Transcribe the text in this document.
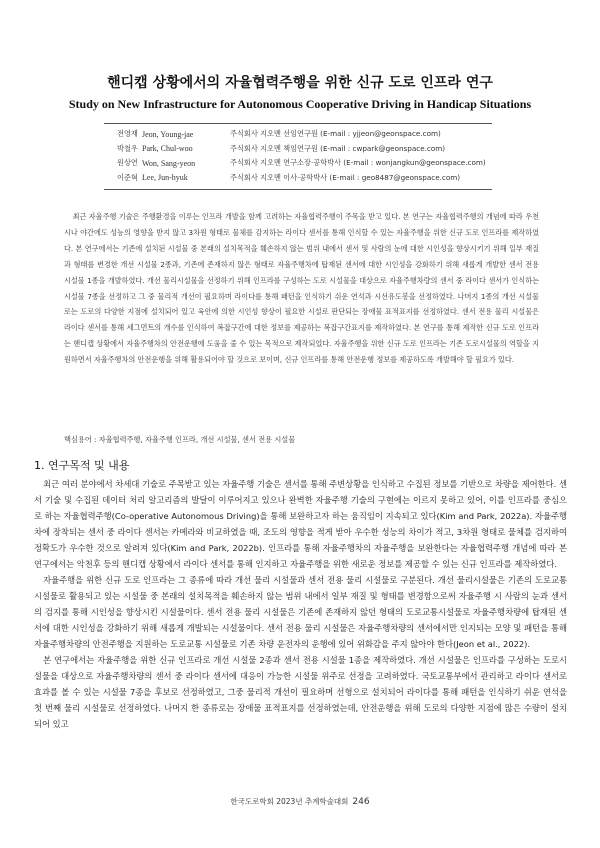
핸디캡 상황에서의 자율협력주행을 위한 신규 도로 인프라 연구
Study on New Infrastructure for Autonomous Cooperative Driving in Handicap Situations
전영재 Jeon, Young-jae	주식회사 지오멘 선임연구원 (E-mail : yjjeon@geonspace.com)
박철우 Park, Chul-woo	주식회사 지오멘 책임연구원 (E-mail : cwpark@geonspace.com)
원상연 Won, Sang-yeon	주식회사 지오멘 연구소장·공학박사 (E-mail : wonjangkun@geonspace.com)
이준혁 Lee, Jun-hyuk	주식회사 지오멘 이사·공학박사 (E-mail : geo8487@geonspace.com)

최근 자율주행 기술은 주행환경을 이루는 인프라 개발을 함께 고려하는 자율협력주행이 주목을 받고 있다. 본 연구는 자율협력주행의 개념에 따라 우천 시나 야간에도 성능의 영향을 받지 않고 3차원 형태로 물체를 감지하는 라이다 센서를 통해 인식할 수 있는 자율주행을 위한 신규 도로 인프라를 제작하였다. 본 연구에서는 기존에 설치된 시설물 중 본래의 설치목적을 훼손하지 않는 범위 내에서 센서 및 사람의 눈에 대한 시인성을 향상시키기 위해 일부 재질과 형태를 변경한 개선 시설물 2종과, 기존에 존재하지 않은 형태로 자율주행차에 탑재된 센서에 대한 시인성을 강화하기 위해 새롭게 개발한 센서 전용 시설물 1종을 개발하였다. 개선 물리시설물을 선정하기 위해 인프라를 구성하는 도로 시설물을 대상으로 자율주행차량의 센서 중 라이다 센서가 인식하는 시설물 7종을 선정하고 그 중 물리적 개선이 필요하며 라이다를 통해 패턴을 인식하기 쉬운 연석과 시선유도봉을 선정하였다. 나머지 1종의 개선 시설물로는 도로의 다양한 지점에 설치되어 있고 육안에 의한 시인성 향상이 필요한 시설로 판단되는 장애물 표적표지를 선정하였다. 센서 전용 물리 시설물은 라이다 센서를 통해 세그먼트의 개수를 인식하여 복잡구간에 대한 정보를 제공하는 복잡구간표지를 제작하였다. 본 연구를 통해 제작한 신규 도로 인프라는 핸디캡 상황에서 자율주행차의 안전운행에 도움을 줄 수 있는 목적으로 제작되었다. 자율주행을 위한 신규 도로 인프라는 기존 도로시설물의 역할을 지원하면서 자율주행차의 안전운행을 위해 활용되어야 할 것으로 보이며, 신규 인프라를 통해 안전운행 정보를 제공하도록 개발해야 할 필요가 있다.

핵심용어 : 자율협력주행, 자율주행 인프라, 개선 시설물, 센서 전용 시설물
1. 연구목적 및 내용

최근 여러 분야에서 차세대 기술로 주목받고 있는 자율주행 기술은 센서를 통해 주변상황을 인식하고 수집된 정보를 기반으로 차량을 제어한다. 센서 기술 및 수집된 데이터 처리 알고리즘의 발달이 이루어지고 있으나 완벽한 자율주행 기술의 구현에는 이르지 못하고 있어, 이를 인프라를 중심으로 하는 자율협력주행(Co-operative Autonomous Driving)을 통해 보완하고자 하는 움직임이 지속되고 있다(Kim and Park, 2022a). 자율주행차에 장착되는 센서 중 라이다 센서는 카메라와 비교하였을 때, 조도의 영향을 적게 받아 우수한 성능의 차이가 적고, 3차원 형태로 물체를 검지하여 정확도가 우수한 것으로 알려져 있다(Kim and Park, 2022b). 인프라를 통해 자율주행차의 자율주행을 보완한다는 자율협력주행 개념에 따라 본 연구에서는 악천후 등의 핸디캡 상황에서 라이다 센서를 통해 인지하고 자율주행을 위한 새로운 정보를 제공할 수 있는 신규 인프라를 제작하였다.

자율주행을 위한 신규 도로 인프라는 그 종류에 따라 개선 물리 시설물과 센서 전용 물리 시설물로 구분된다. 개선 물리시설물은 기존의 도로교통 시설물로 활용되고 있는 시설물 중 본래의 설치목적을 훼손하지 않는 범위 내에서 일부 재질 및 형태를 변경함으로써 자율주행 시 사람의 눈과 센서의 검지를 통해 시인성을 향상시킨 시설물이다. 센서 전용 물리 시설물은 기존에 존재하지 않던 형태의 도로교통시설물로 자율주행차량에 탑재된 센서에 대한 시인성을 강화하기 위해 새롭게 개발되는 시설물이다. 센서 전용 물리 시설물은 자율주행차량의 센서에서만 인지되는 모양 및 패턴을 통해 자율주행차량의 안전주행을 지원하는 도로교통 시설물로 기존 차량 운전자의 운행에 있어 위화감을 주지 않아야 한다(Jeon et al., 2022).

본 연구에서는 자율주행을 위한 신규 인프라로 개선 시설물 2종과 센서 전용 시설물 1종을 제작하였다. 개선 시설물은 인프라를 구성하는 도로시설물을 대상으로 자율주행차량의 센서 중 라이다 센서에 대응이 가능한 시설물 위주로 선정을 고려하였다. 국토교통부에서 관리하고 라이다 센서로 효과를 볼 수 있는 시설물 7종을 후보로 선정하였고, 그중 물리적 개선이 필요하며 선형으로 설치되어 라이다를 통해 패턴을 인식하기 쉬운 연석을 첫 번째 물리 시설물로 선정하였다. 나머지 한 종류로는 장애물 표적표지를 선정하였는데, 안전운행을 위해 도로의 다양한 지점에 많은 수량이 설치되어 있고

한국도로학회 2023년 추계학술대회 246
